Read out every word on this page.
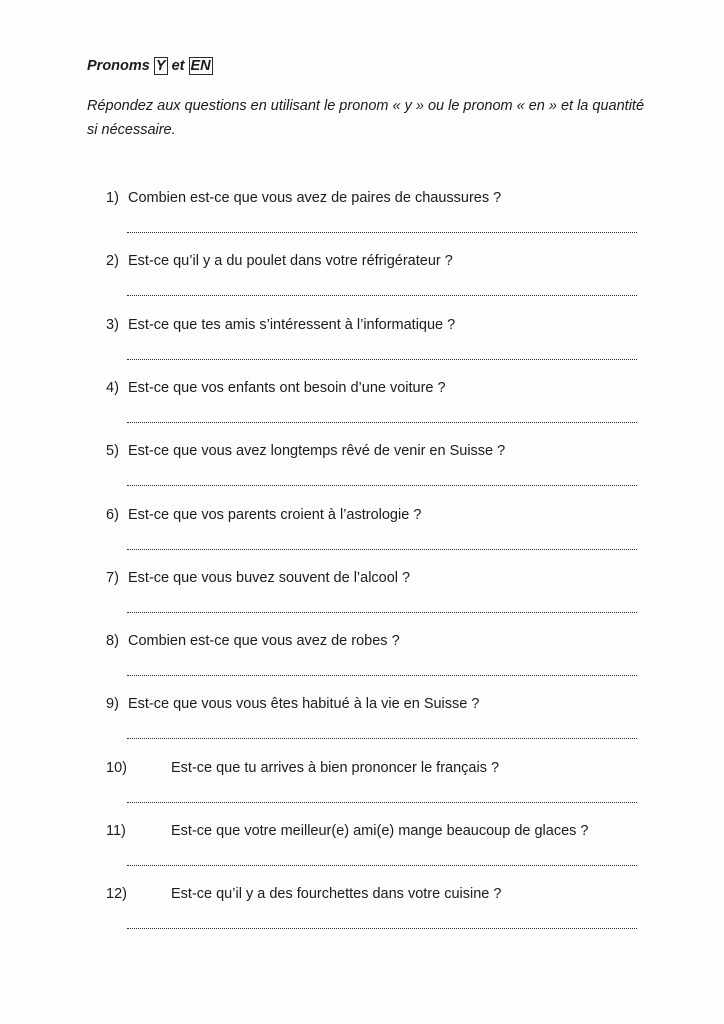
Pronoms Y et EN
Répondez aux questions en utilisant le pronom « y » ou le pronom « en » et la quantité si nécessaire.
1) Combien est-ce que vous avez de paires de chaussures ?
2) Est-ce qu’il y a du poulet dans votre réfrigérateur ?
3) Est-ce que tes amis s’intéressent à l’informatique ?
4) Est-ce que vos enfants ont besoin d’une voiture ?
5) Est-ce que vous avez longtemps rêvé de venir en Suisse ?
6) Est-ce que vos parents croient à l’astrologie ?
7) Est-ce que vous buvez souvent de l’alcool ?
8) Combien est-ce que vous avez de robes ?
9) Est-ce que vous vous êtes habitué à la vie en Suisse ?
10)	Est-ce que tu arrives à bien prononcer le français ?
11)	Est-ce que votre meilleur(e) ami(e) mange beaucoup de glaces ?
12)	Est-ce qu’il y a des fourchettes dans votre cuisine ?
